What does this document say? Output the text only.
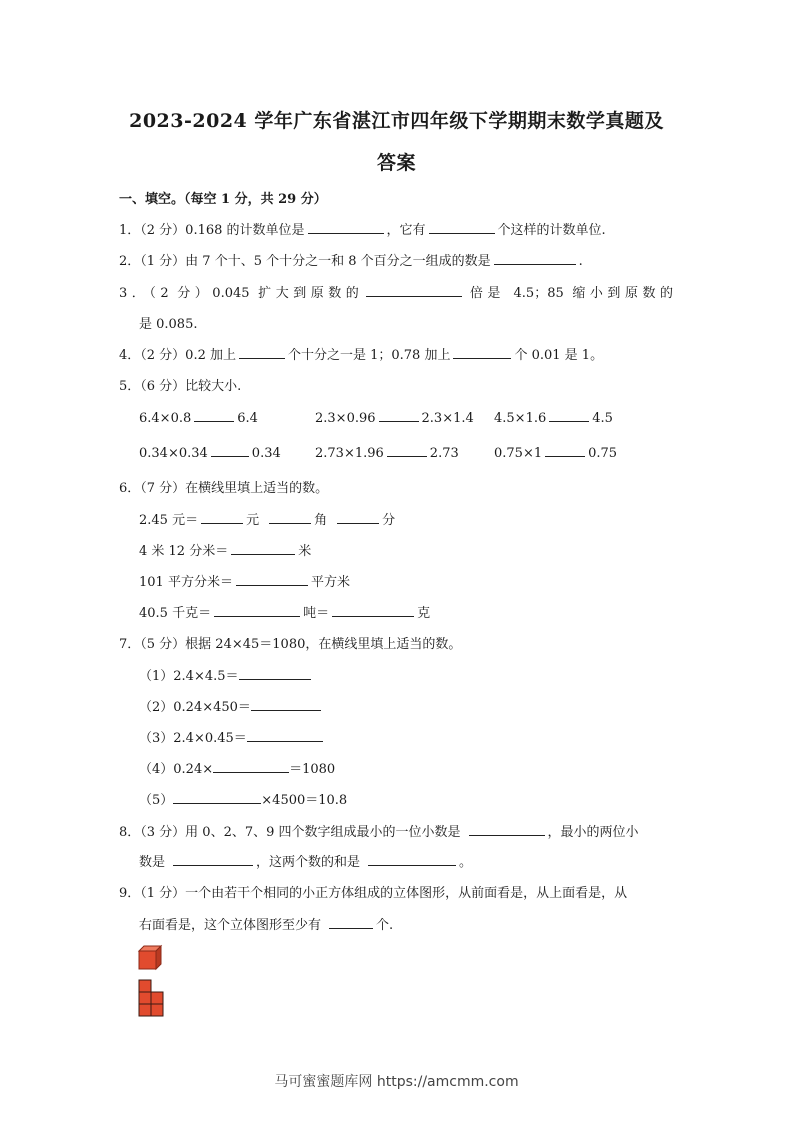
2023-2024 学年广东省湛江市四年级下学期期末数学真题及
答案
一、填空。（每空 1 分，共 29 分）
1．（2 分）0.168 的计数单位是	，它有	个这样的计数单位.
2．（1 分）由 7 个十、5 个十分之一和 8 个百分之一组成的数是	.
3．（2 分）0.045 扩大到原数的	倍是 4.5；85 缩小到原数的
是 0.085.
4．（2 分）0.2 加上	个十分之一是 1；0.78 加上	个 0.01 是 1。
5．（6 分）比较大小.
6.4×0.8	6.4	2.3×0.96	2.3×1.4 4.5×1.6	4.5
0.34×0.34	0.34	2.73×1.96	2.73	0.75×1	0.75
6．（7 分）在横线里填上适当的数。
2.45 元＝	元	角	分
4 米 12 分米＝	米
101 平方分米＝	平方米
40.5 千克＝	吨＝	克
7．（5 分）根据 24×45＝1080，在横线里填上适当的数。
（1）2.4×4.5＝
（2）0.24×450＝
（3）2.4×0.45＝
（4）0.24×	＝1080
（5）	×4500＝10.8
8．（3 分）用 0、2、7、9 四个数字组成最小的一位小数是	，最小的两位小
数是	，这两个数的和是	。
9．（1 分）一个由若干个相同的小正方体组成的立体图形，从前面看是，从上面看是，从
右面看是，这个立体图形至少有	个.
马可蜜蜜题库网 https://amcmm.com
